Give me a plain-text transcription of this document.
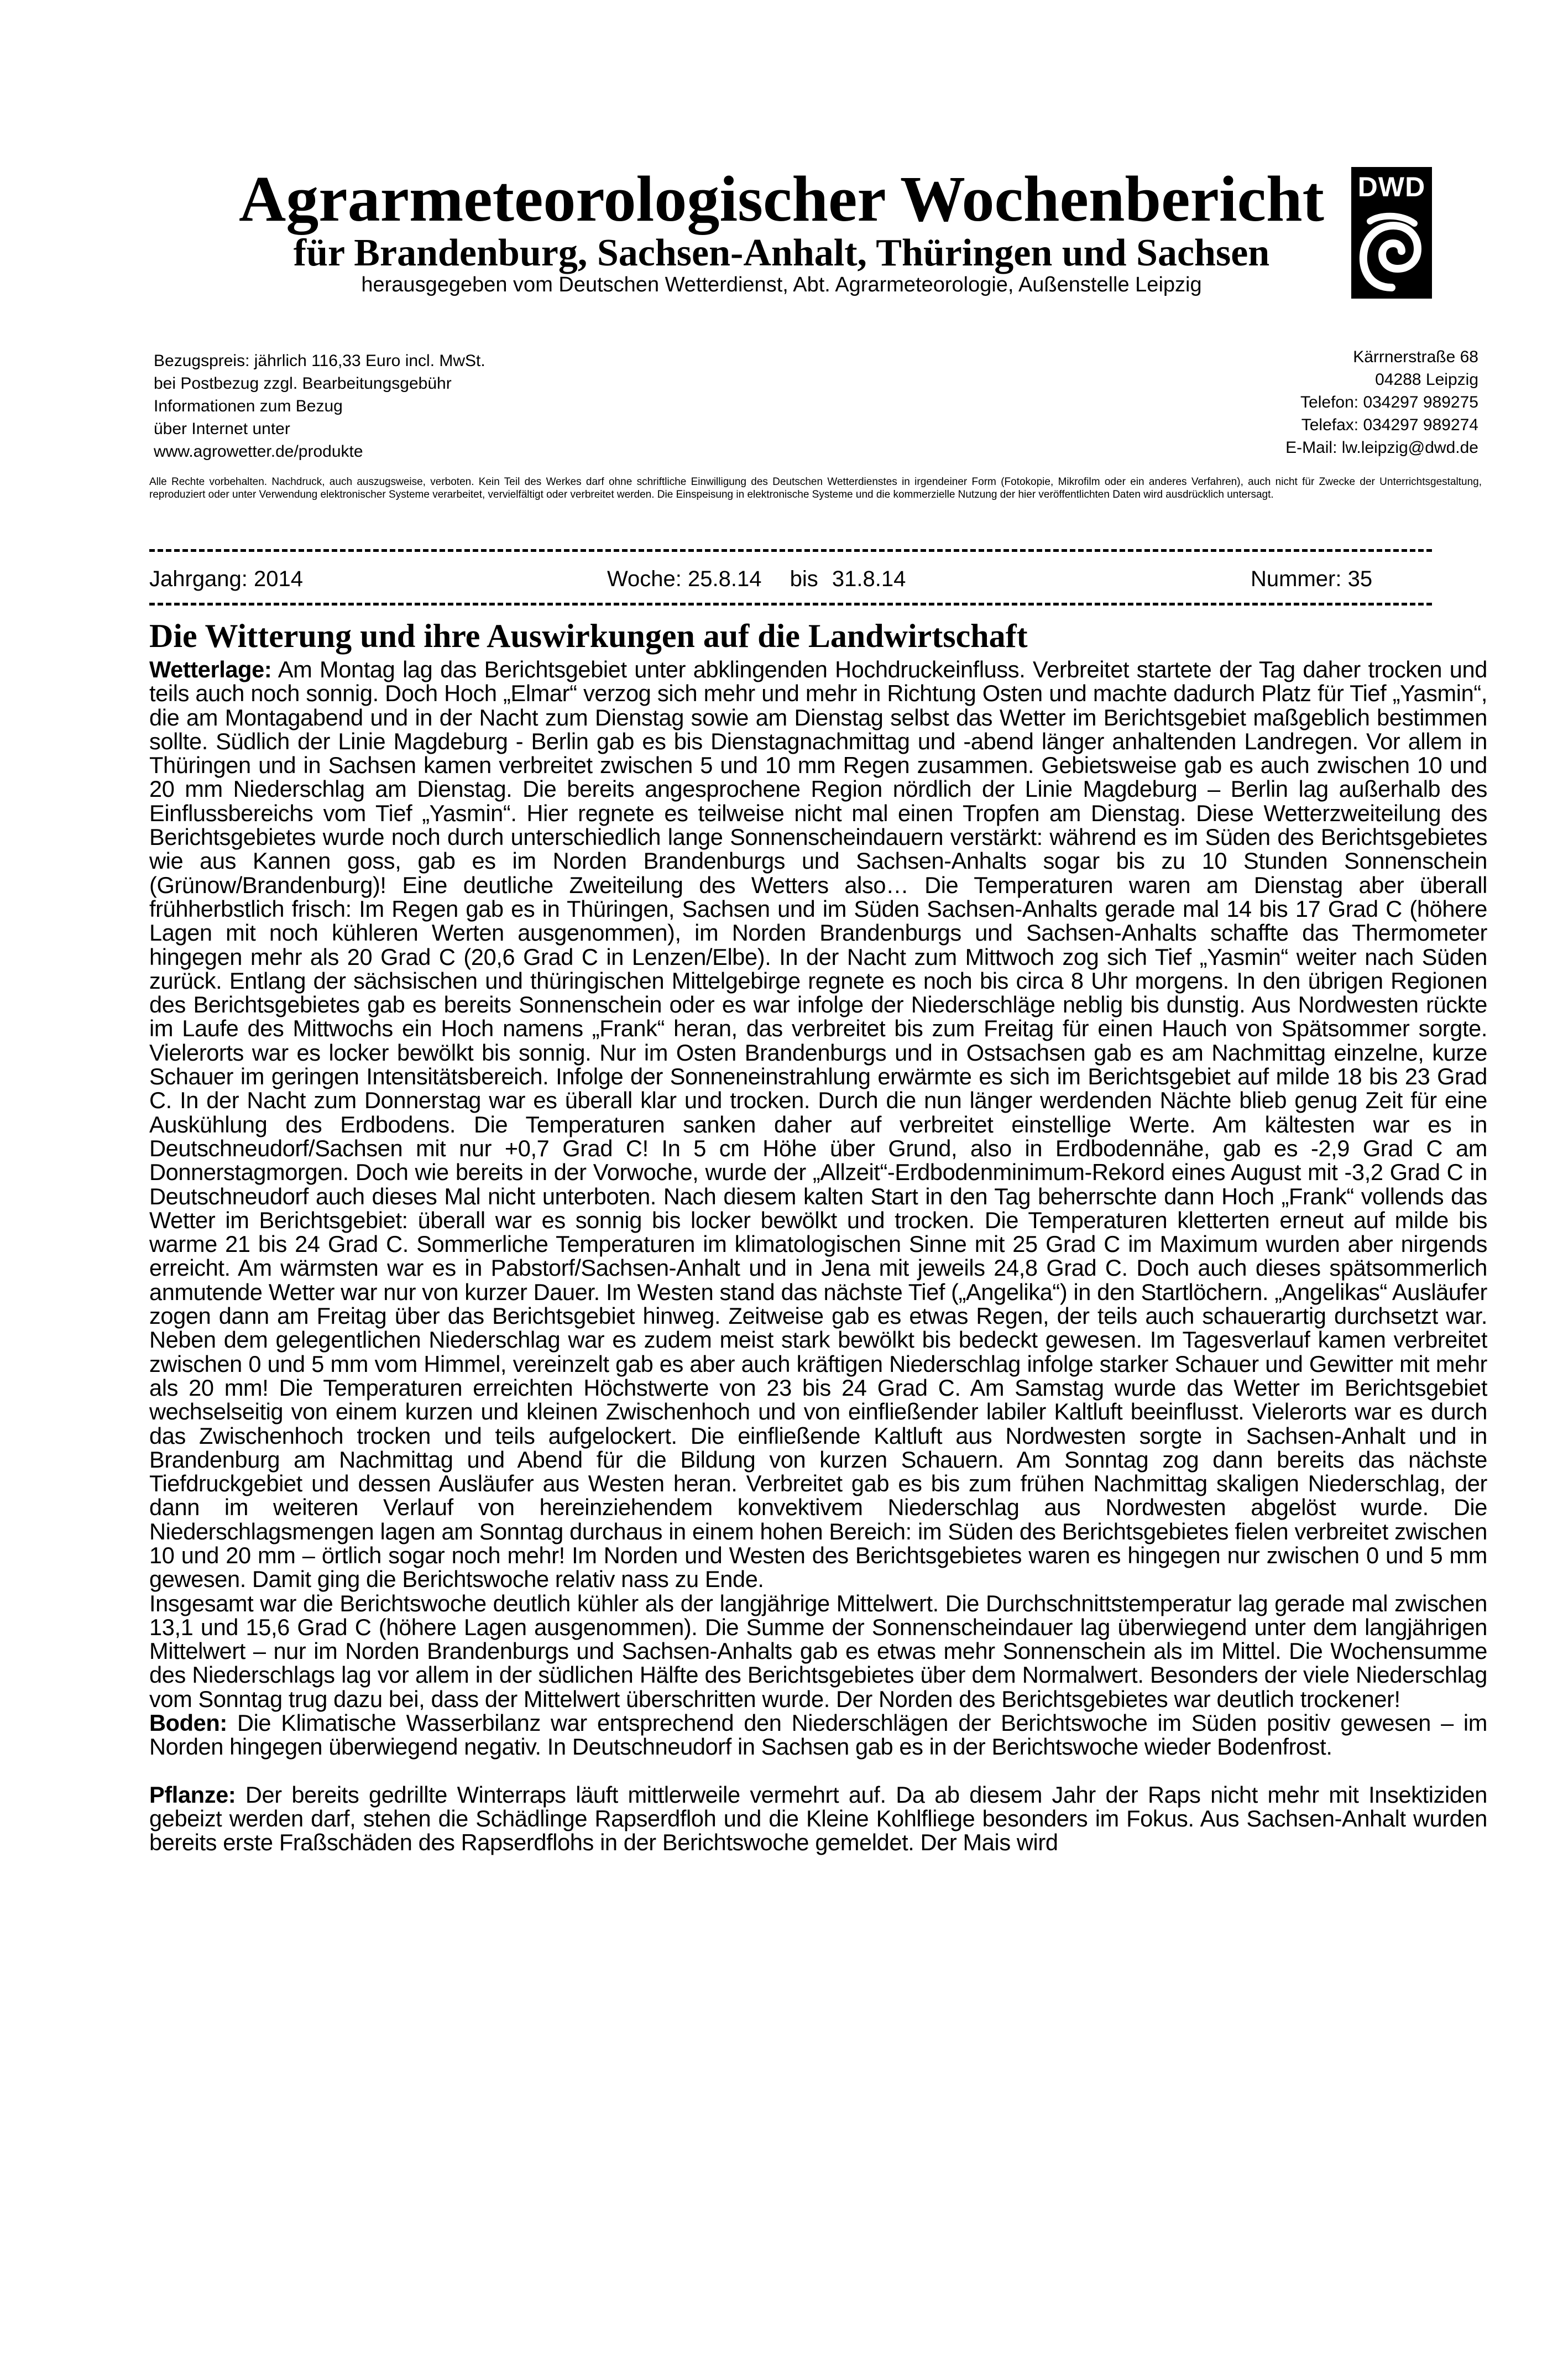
Agrarmeteorologischer Wochenbericht
für Brandenburg, Sachsen-Anhalt, Thüringen und Sachsen
herausgegeben vom Deutschen Wetterdienst, Abt. Agrarmeteorologie, Außenstelle Leipzig
DWD
Bezugspreis: jährlich 116,33 Euro incl. MwSt.
bei Postbezug zzgl. Bearbeitungsgebühr
Informationen zum Bezug
über Internet unter
www.agrowetter.de/produkte
Kärrnerstraße 68
04288 Leipzig
Telefon: 034297 989275
Telefax: 034297 989274
E-Mail: lw.leipzig@dwd.de
Alle Rechte vorbehalten. Nachdruck, auch auszugsweise, verboten. Kein Teil des Werkes darf ohne schriftliche Einwilligung des Deutschen Wetterdienstes in irgendeiner Form (Fotokopie, Mikrofilm oder ein anderes Verfahren), auch nicht für Zwecke der Unterrichtsgestaltung, reproduziert oder unter Verwendung elektronischer Systeme verarbeitet, vervielfältigt oder verbreitet werden. Die Einspeisung in elektronische Systeme und die kommerzielle Nutzung der hier veröffentlichten Daten wird ausdrücklich untersagt.
Jahrgang: 2014	Woche: 25.8.14 bis 31.8.14	Nummer: 35
Die Witterung und ihre Auswirkungen auf die Landwirtschaft

Wetterlage: Am Montag lag das Berichtsgebiet unter abklingenden Hochdruckeinfluss. Verbreitet startete der Tag daher trocken und teils auch noch sonnig. Doch Hoch „Elmar“ verzog sich mehr und mehr in Richtung Osten und machte dadurch Platz für Tief „Yasmin“, die am Montagabend und in der Nacht zum Dienstag sowie am Dienstag selbst das Wetter im Berichtsgebiet maßgeblich bestimmen sollte. Südlich der Linie Magdeburg - Berlin gab es bis Dienstagnachmittag und -abend länger anhaltenden Landregen. Vor allem in Thüringen und in Sachsen kamen verbreitet zwischen 5 und 10 mm Regen zusammen. Gebietsweise gab es auch zwischen 10 und 20 mm Niederschlag am Dienstag. Die bereits angesprochene Region nördlich der Linie Magdeburg – Berlin lag außerhalb des Einflussbereichs vom Tief „Yasmin“. Hier regnete es teilweise nicht mal einen Tropfen am Dienstag. Diese Wetterzweiteilung des Berichtsgebietes wurde noch durch unterschiedlich lange Sonnenscheindauern verstärkt: während es im Süden des Berichtsgebietes wie aus Kannen goss, gab es im Norden Brandenburgs und Sachsen-Anhalts sogar bis zu 10 Stunden Sonnenschein (Grünow/Brandenburg)! Eine deutliche Zweiteilung des Wetters also… Die Temperaturen waren am Dienstag aber überall frühherbstlich frisch: Im Regen gab es in Thüringen, Sachsen und im Süden Sachsen-Anhalts gerade mal 14 bis 17 Grad C (höhere Lagen mit noch kühleren Werten ausgenommen), im Norden Brandenburgs und Sachsen-Anhalts schaffte das Thermometer hingegen mehr als 20 Grad C (20,6 Grad C in Lenzen/Elbe). In der Nacht zum Mittwoch zog sich Tief „Yasmin“ weiter nach Süden zurück. Entlang der sächsischen und thüringischen Mittelgebirge regnete es noch bis circa 8 Uhr morgens. In den übrigen Regionen des Berichtsgebietes gab es bereits Sonnenschein oder es war infolge der Niederschläge neblig bis dunstig. Aus Nordwesten rückte im Laufe des Mittwochs ein Hoch namens „Frank“ heran, das verbreitet bis zum Freitag für einen Hauch von Spätsommer sorgte. Vielerorts war es locker bewölkt bis sonnig. Nur im Osten Brandenburgs und in Ostsachsen gab es am Nachmittag einzelne, kurze Schauer im geringen Intensitätsbereich. Infolge der Sonneneinstrahlung erwärmte es sich im Berichtsgebiet auf milde 18 bis 23 Grad C. In der Nacht zum Donnerstag war es überall klar und trocken. Durch die nun länger werdenden Nächte blieb genug Zeit für eine Auskühlung des Erdbodens. Die Temperaturen sanken daher auf verbreitet einstellige Werte. Am kältesten war es in Deutschneudorf/Sachsen mit nur +0,7 Grad C! In 5 cm Höhe über Grund, also in Erdbodennähe, gab es -2,9 Grad C am Donnerstagmorgen. Doch wie bereits in der Vorwoche, wurde der „Allzeit“-Erdbodenminimum-Rekord eines August mit -3,2 Grad C in Deutschneudorf auch dieses Mal nicht unterboten. Nach diesem kalten Start in den Tag beherrschte dann Hoch „Frank“ vollends das Wetter im Berichtsgebiet: überall war es sonnig bis locker bewölkt und trocken. Die Temperaturen kletterten erneut auf milde bis warme 21 bis 24 Grad C. Sommerliche Temperaturen im klimatologischen Sinne mit 25 Grad C im Maximum wurden aber nirgends erreicht. Am wärmsten war es in Pabstorf/Sachsen-Anhalt und in Jena mit jeweils 24,8 Grad C. Doch auch dieses spätsommerlich anmutende Wetter war nur von kurzer Dauer. Im Westen stand das nächste Tief („Angelika“) in den Startlöchern. „Angelikas“ Ausläufer zogen dann am Freitag über das Berichtsgebiet hinweg. Zeitweise gab es etwas Regen, der teils auch schauerartig durchsetzt war. Neben dem gelegentlichen Niederschlag war es zudem meist stark bewölkt bis bedeckt gewesen. Im Tagesverlauf kamen verbreitet zwischen 0 und 5 mm vom Himmel, vereinzelt gab es aber auch kräftigen Niederschlag infolge starker Schauer und Gewitter mit mehr als 20 mm! Die Temperaturen erreichten Höchstwerte von 23 bis 24 Grad C. Am Samstag wurde das Wetter im Berichtsgebiet wechselseitig von einem kurzen und kleinen Zwischenhoch und von einfließender labiler Kaltluft beeinflusst. Vielerorts war es durch das Zwischenhoch trocken und teils aufgelockert. Die einfließende Kaltluft aus Nordwesten sorgte in Sachsen-Anhalt und in Brandenburg am Nachmittag und Abend für die Bildung von kurzen Schauern. Am Sonntag zog dann bereits das nächste Tiefdruckgebiet und dessen Ausläufer aus Westen heran. Verbreitet gab es bis zum frühen Nachmittag skaligen Niederschlag, der dann im weiteren Verlauf von hereinziehendem konvektivem Niederschlag aus Nordwesten abgelöst wurde. Die Niederschlagsmengen lagen am Sonntag durchaus in einem hohen Bereich: im Süden des Berichtsgebietes fielen verbreitet zwischen 10 und 20 mm – örtlich sogar noch mehr! Im Norden und Westen des Berichtsgebietes waren es hingegen nur zwischen 0 und 5 mm gewesen. Damit ging die Berichtswoche relativ nass zu Ende.

Insgesamt war die Berichtswoche deutlich kühler als der langjährige Mittelwert. Die Durchschnittstemperatur lag gerade mal zwischen 13,1 und 15,6 Grad C (höhere Lagen ausgenommen). Die Summe der Sonnenscheindauer lag überwiegend unter dem langjährigen Mittelwert – nur im Norden Brandenburgs und Sachsen-Anhalts gab es etwas mehr Sonnenschein als im Mittel. Die Wochensumme des Niederschlags lag vor allem in der südlichen Hälfte des Berichtsgebietes über dem Normalwert. Besonders der viele Niederschlag vom Sonntag trug dazu bei, dass der Mittelwert überschritten wurde. Der Norden des Berichtsgebietes war deutlich trockener!

Boden: Die Klimatische Wasserbilanz war entsprechend den Niederschlägen der Berichtswoche im Süden positiv gewesen – im Norden hingegen überwiegend negativ. In Deutschneudorf in Sachsen gab es in der Berichtswoche wieder Bodenfrost.

Pflanze: Der bereits gedrillte Winterraps läuft mittlerweile vermehrt auf. Da ab diesem Jahr der Raps nicht mehr mit Insektiziden gebeizt werden darf, stehen die Schädlinge Rapserdfloh und die Kleine Kohlfliege besonders im Fokus. Aus Sachsen-Anhalt wurden bereits erste Fraßschäden des Rapserdflohs in der Berichtswoche gemeldet. Der Mais wird
